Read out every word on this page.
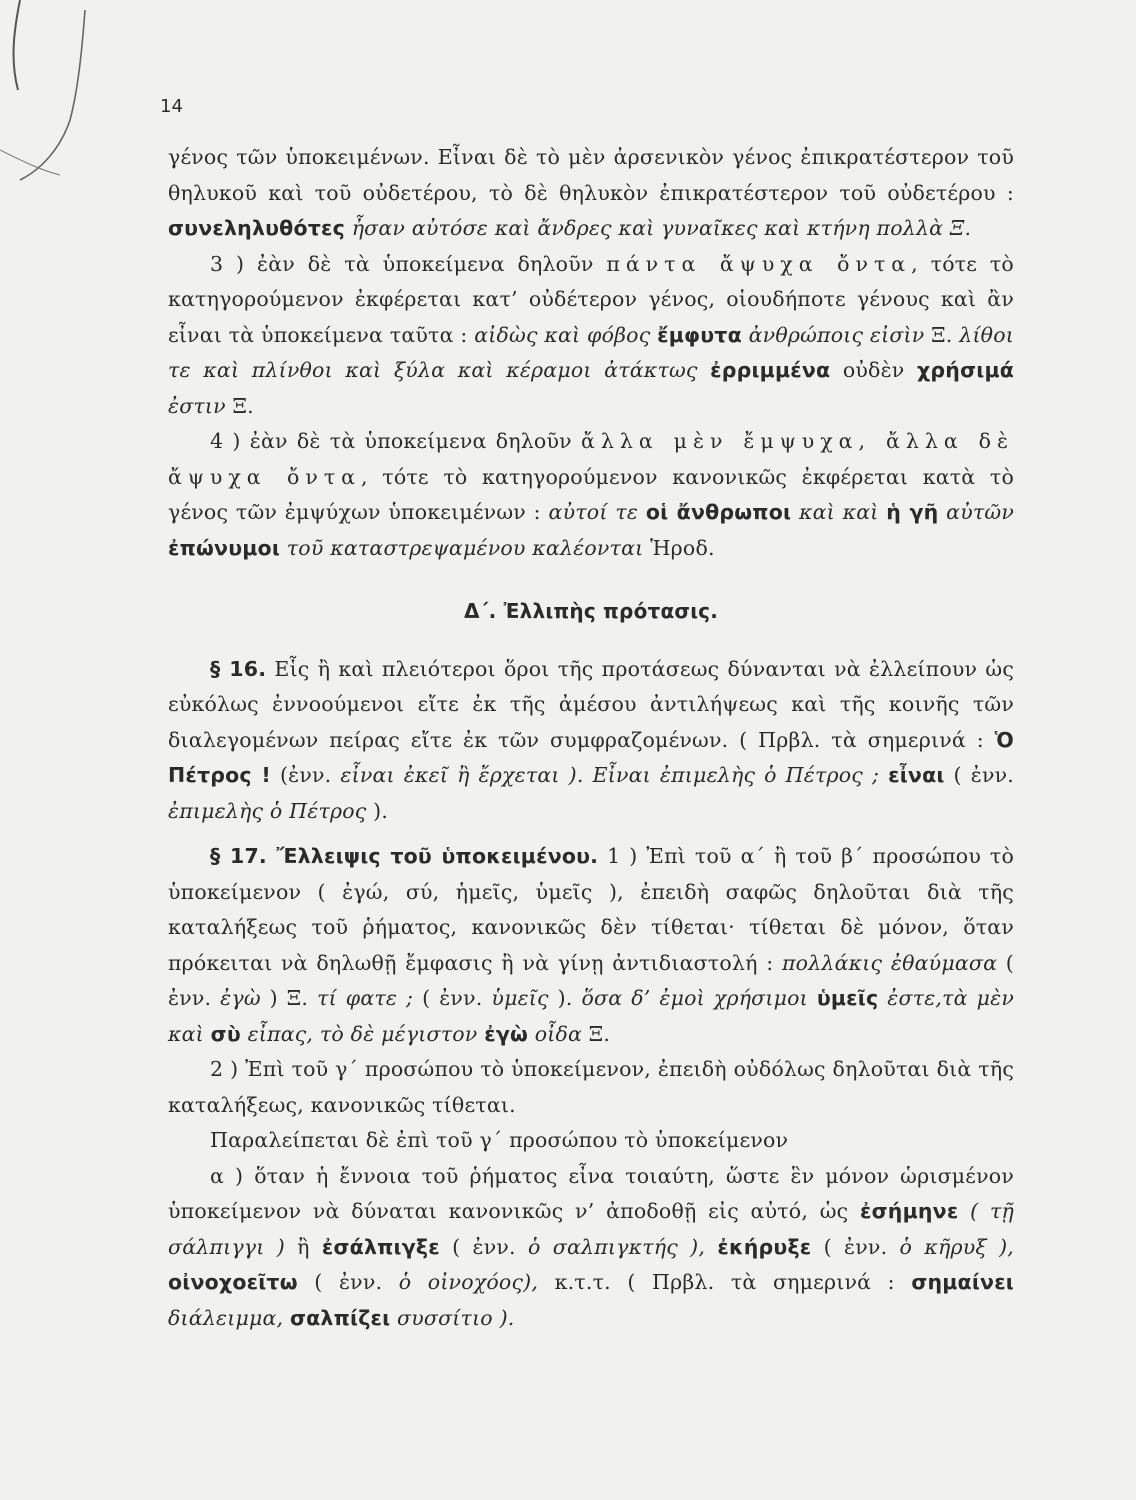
14

γένος τῶν ὑποκειμένων. Εἶναι δὲ τὸ μὲν ἀρσενικὸν γένος ἐπικρατέστερον τοῦ θηλυκοῦ καὶ τοῦ οὐδετέρου, τὸ δὲ θηλυκὸν ἐπικρατέστερον τοῦ οὐδετέρου : συνεληλυθότες ἦσαν αὐτόσε καὶ ἄνδρες καὶ γυναῖκες καὶ κτήνη πολλὰ Ξ.

3 ) ἐὰν δὲ τὰ ὑποκείμενα δηλοῦν πάντα ἄψυχα ὄντα, τότε τὸ κατηγορούμενον ἐκφέρεται κατ’ οὐδέτερον γένος, οἱουδήποτε γένους καὶ ἂν εἶναι τὰ ὑποκείμενα ταῦτα : αἰδὼς καὶ φόβος ἔμφυτα ἀνθρώποις εἰσὶν Ξ. λίθοι τε καὶ πλίνθοι καὶ ξύλα καὶ κέραμοι ἀτάκτως ἐρριμμένα οὐδὲν χρήσιμά ἐστιν Ξ.

4 ) ἐὰν δὲ τὰ ὑποκείμενα δηλοῦν ἄλλα μὲν ἔμψυχα, ἄλλα δὲ ἄψυχα ὄντα, τότε τὸ κατηγορούμενον κανονικῶς ἐκφέρεται κατὰ τὸ γένος τῶν ἐμψύχων ὑποκειμένων : αὐτοί τε οἱ ἄνθρωποι καὶ καὶ ἡ γῆ αὐτῶν ἐπώνυμοι τοῦ καταστρεψαμένου καλέονται Ἡροδ.

Δ΄. Ἐλλιπὴς πρότασις.

§ 16. Εἷς ἢ καὶ πλειότεροι ὅροι τῆς προτάσεως δύνανται νὰ ἐλλείπουν ὡς εὐκόλως ἐννοούμενοι εἴτε ἐκ τῆς ἀμέσου ἀντιλήψεως καὶ τῆς κοινῆς τῶν διαλεγομένων πείρας εἴτε ἐκ τῶν συμφραζομένων. ( Πρβλ. τὰ σημερινά : Ὁ Πέτρος ! (ἐνν. εἶναι ἐκεῖ ἢ ἔρχεται ). Εἶναι ἐπιμελὴς ὁ Πέτρος ; εἶναι ( ἐνν. ἐπιμελὴς ὁ Πέτρος ).

§ 17. Ἔλλειψις τοῦ ὑποκειμένου. 1 ) Ἐπὶ τοῦ α΄ ἢ τοῦ β΄ προσώπου τὸ ὑποκείμενον ( ἐγώ, σύ, ἡμεῖς, ὑμεῖς ), ἐπειδὴ σαφῶς δηλοῦται διὰ τῆς καταλήξεως τοῦ ῥήματος, κανονικῶς δὲν τίθεται· τίθεται δὲ μόνον, ὅταν πρόκειται νὰ δηλωθῇ ἔμφασις ἢ νὰ γίνῃ ἀντιδιαστολή : πολλάκις ἐθαύμασα ( ἐνν. ἐγὼ ) Ξ. τί φατε ; ( ἐνν. ὑμεῖς ). ὅσα δ’ ἐμοὶ χρήσιμοι ὑμεῖς ἐστε,τὰ μὲν καὶ σὺ εἶπας, τὸ δὲ μέγιστον ἐγὼ οἶδα Ξ.

2 ) Ἐπὶ τοῦ γ΄ προσώπου τὸ ὑποκείμενον, ἐπειδὴ οὐδόλως δηλοῦται διὰ τῆς καταλήξεως, κανονικῶς τίθεται.

Παραλείπεται δὲ ἐπὶ τοῦ γ΄ προσώπου τὸ ὑποκείμενον

α ) ὅταν ἡ ἔννοια τοῦ ῥήματος εἶνα τοιαύτη, ὥστε ἓν μόνον ὡρισμένον ὑποκείμενον νὰ δύναται κανονικῶς ν’ ἀποδοθῇ εἰς αὐτό, ὡς ἐσήμηνε ( τῇ σάλπιγγι ) ἢ ἐσάλπιγξε ( ἐνν. ὁ σαλπιγκτής ), ἐκήρυξε ( ἐνν. ὁ κῆρυξ ), οἰνοχοεῖτω ( ἐνν. ὁ οἰνοχόος), κ.τ.τ. ( Πρβλ. τὰ σημερινά : σημαίνει διάλειμμα, σαλπίζει συσσίτιο ).
